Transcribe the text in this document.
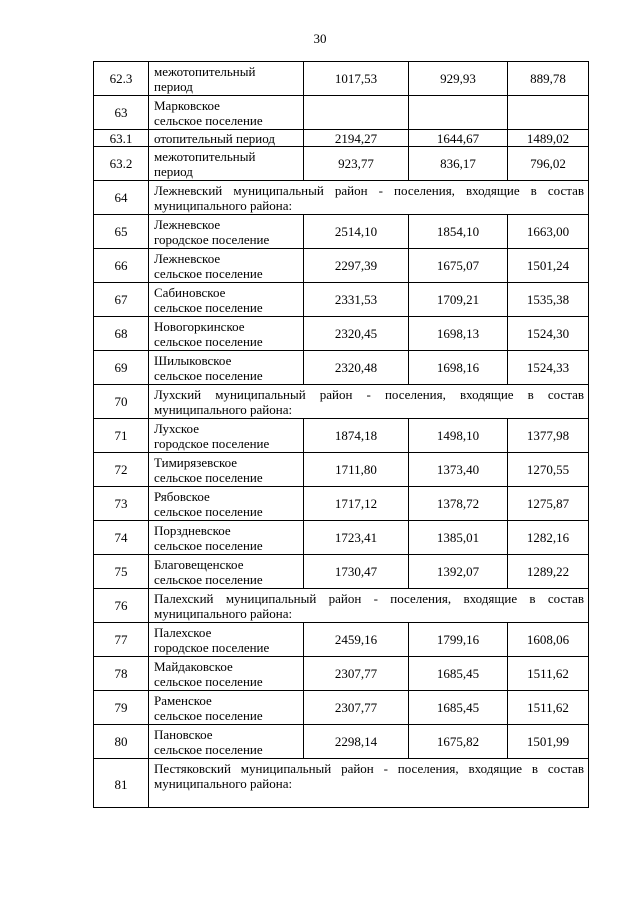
30
62.3	межотопительный
период	1017,53	929,93	889,78
63	Марковское
сельское поселение			

63.1	отопительный период	2194,27	1644,67	1489,02
63.2	межотопительный
период	923,77	836,17	796,02
64	Лежневский муниципальный район - поселения, входящие в состав муниципального района:			
65	Лежневское
городское поселение	2514,10	1854,10	1663,00
66	Лежневское
сельское поселение	2297,39	1675,07	1501,24
67	Сабиновское
сельское поселение	2331,53	1709,21	1535,38
68	Новогоркинское
сельское поселение	2320,45	1698,13	1524,30
69	Шилыковское
сельское поселение	2320,48	1698,16	1524,33
70	Лухский муниципальный район - поселения, входящие в состав муниципального района:			
71	Лухское
городское поселение	1874,18	1498,10	1377,98
72	Тимирязевское
сельское поселение	1711,80	1373,40	1270,55
73	Рябовское
сельское поселение	1717,12	1378,72	1275,87
74	Порздневское
сельское поселение	1723,41	1385,01	1282,16
75	Благовещенское
сельское поселение	1730,47	1392,07	1289,22
76	Палехский муниципальный район - поселения, входящие в состав муниципального района:			
77	Палехское
городское поселение	2459,16	1799,16	1608,06
78	Майдаковское
сельское поселение	2307,77	1685,45	1511,62
79	Раменское
сельское поселение	2307,77	1685,45	1511,62
80	Пановское
сельское поселение	2298,14	1675,82	1501,99
81	Пестяковский муниципальный район - поселения, входящие в состав муниципального района:			
